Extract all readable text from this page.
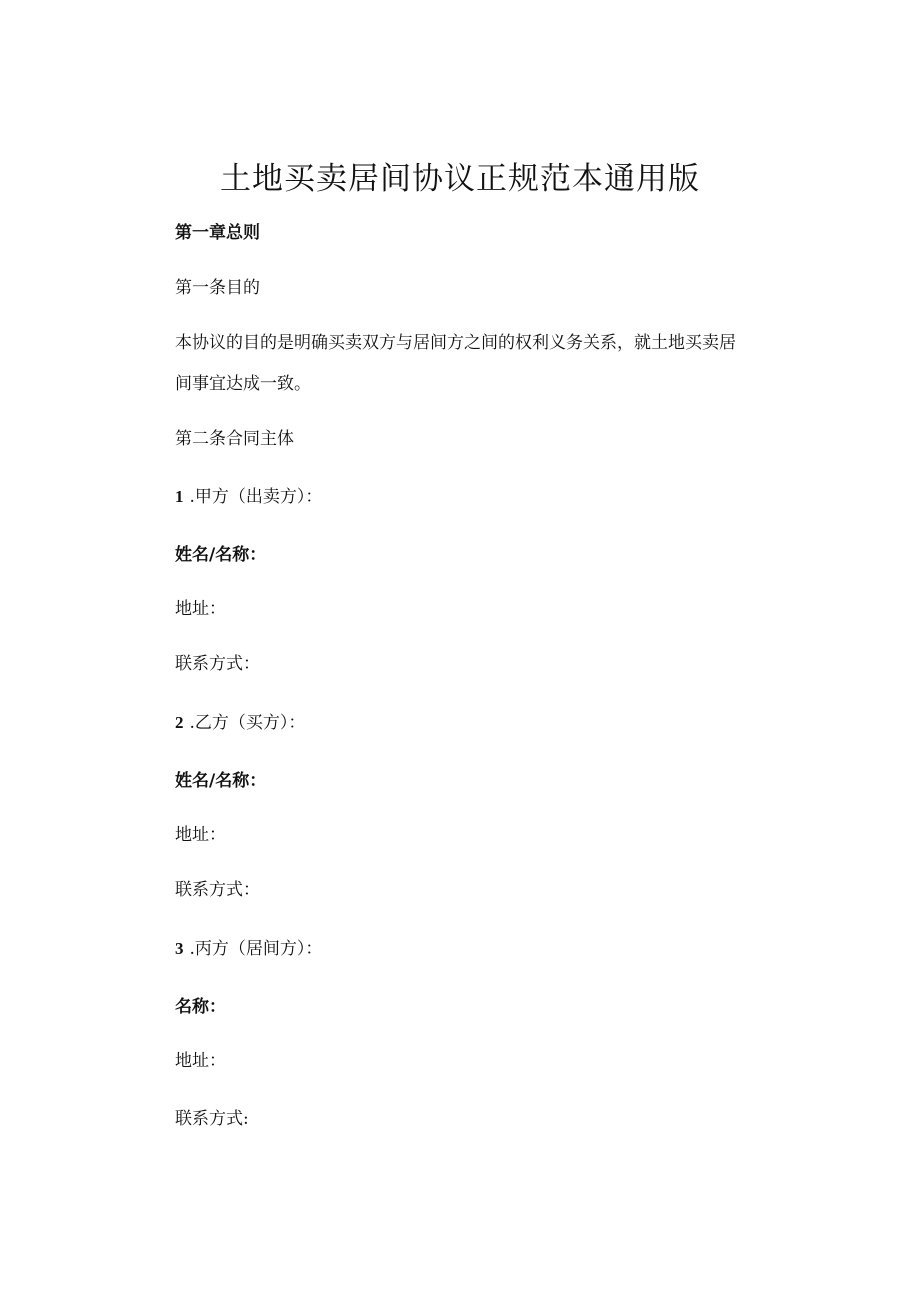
土地买卖居间协议正规范本通用版

第一章总则

第一条目的

本协议的目的是明确买卖双方与居间方之间的权利义务关系，就土地买卖居

间事宜达成一致。

第二条合同主体

1 .甲方（出卖方）：

姓名/名称：

地址：

联系方式：

2 .乙方（买方）：

姓名/名称：

地址：

联系方式：

3 .丙方（居间方）：

名称：

地址：

联系方式:
